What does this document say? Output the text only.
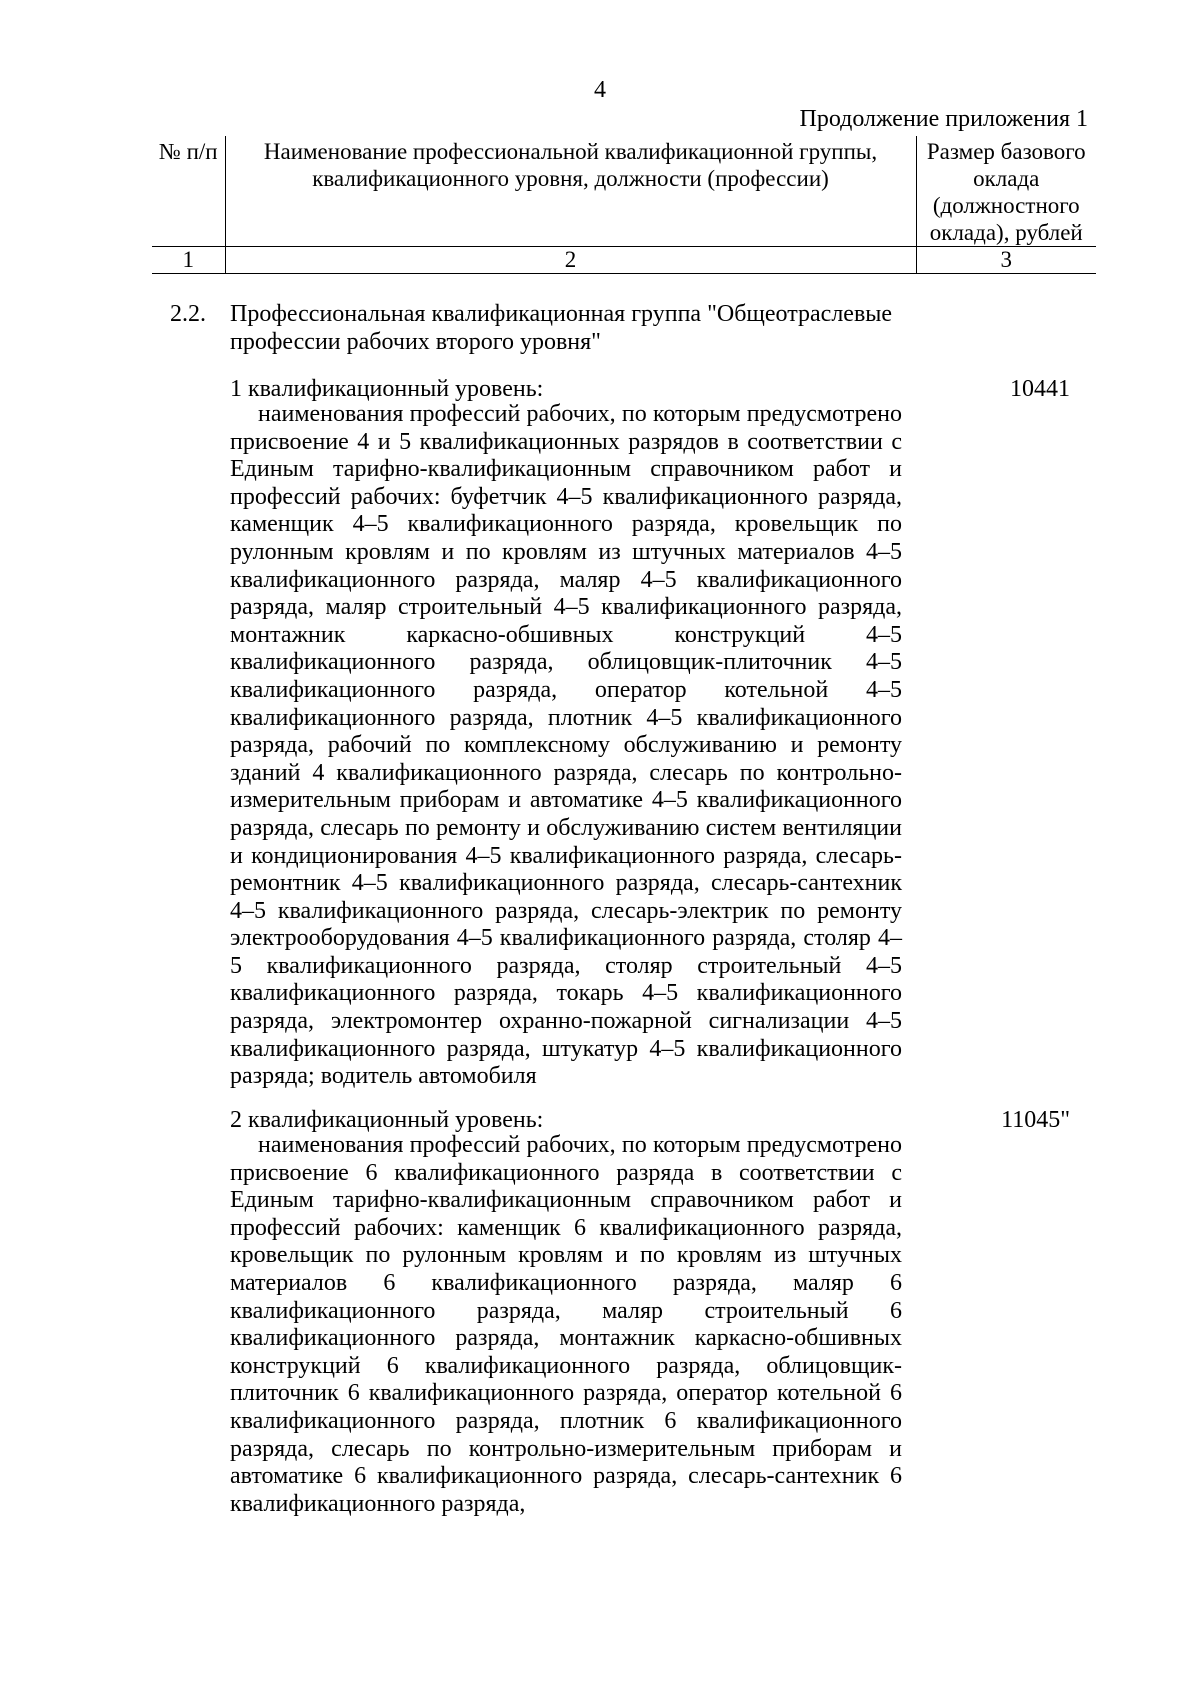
4
Продолжение приложения 1
№ п/п	Наименование профессиональной квалификационной группы, квалификационного уровня, должности (профессии)	Размер базового оклада (должностного оклада), рублей
1	2	3
2.2. Профессиональная квалификационная группа "Общеотраслевые профессии рабочих второго уровня"
1 квалификационный уровень:	10441
наименования профессий рабочих, по которым предусмотрено присвоение 4 и 5 квалификационных разрядов в соответствии с Единым тарифно-квалификационным справочником работ и профессий рабочих: буфетчик 4–5 квалификационного разряда, каменщик 4–5 квалификационного разряда, кровельщик по рулонным кровлям и по кровлям из штучных материалов 4–5 квалификационного разряда, маляр 4–5 квалификационного разряда, маляр строительный 4–5 квалификационного разряда, монтажник каркасно-обшивных конструкций 4–5 квалификационного разряда, облицовщик-плиточник 4–5 квалификационного разряда, оператор котельной 4–5 квалификационного разряда, плотник 4–5 квалификационного разряда, рабочий по комплексному обслуживанию и ремонту зданий 4 квалификационного разряда, слесарь по контрольно-измерительным приборам и автоматике 4–5 квалификационного разряда, слесарь по ремонту и обслуживанию систем вентиляции и кондиционирования 4–5 квалификационного разряда, слесарь-ремонтник 4–5 квалификационного разряда, слесарь-сантехник 4–5 квалификационного разряда, слесарь-электрик по ремонту электрооборудования 4–5 квалификационного разряда, столяр 4–5 квалификационного разряда, столяр строительный 4–5 квалификационного разряда, токарь 4–5 квалификационного разряда, электромонтер охранно-пожарной сигнализации 4–5 квалификационного разряда, штукатур 4–5 квалификационного разряда; водитель автомобиля
2 квалификационный уровень:	11045"
наименования профессий рабочих, по которым предусмотрено присвоение 6 квалификационного разряда в соответствии с Единым тарифно-квалификационным справочником работ и профессий рабочих: каменщик 6 квалификационного разряда, кровельщик по рулонным кровлям и по кровлям из штучных материалов 6 квалификационного разряда, маляр 6 квалификационного разряда, маляр строительный 6 квалификационного разряда, монтажник каркасно-обшивных конструкций 6 квалификационного разряда, облицовщик-плиточник 6 квалификационного разряда, оператор котельной 6 квалификационного разряда, плотник 6 квалификационного разряда, слесарь по контрольно-измерительным приборам и автоматике 6 квалификационного разряда, слесарь-сантехник 6 квалификационного разряда,
